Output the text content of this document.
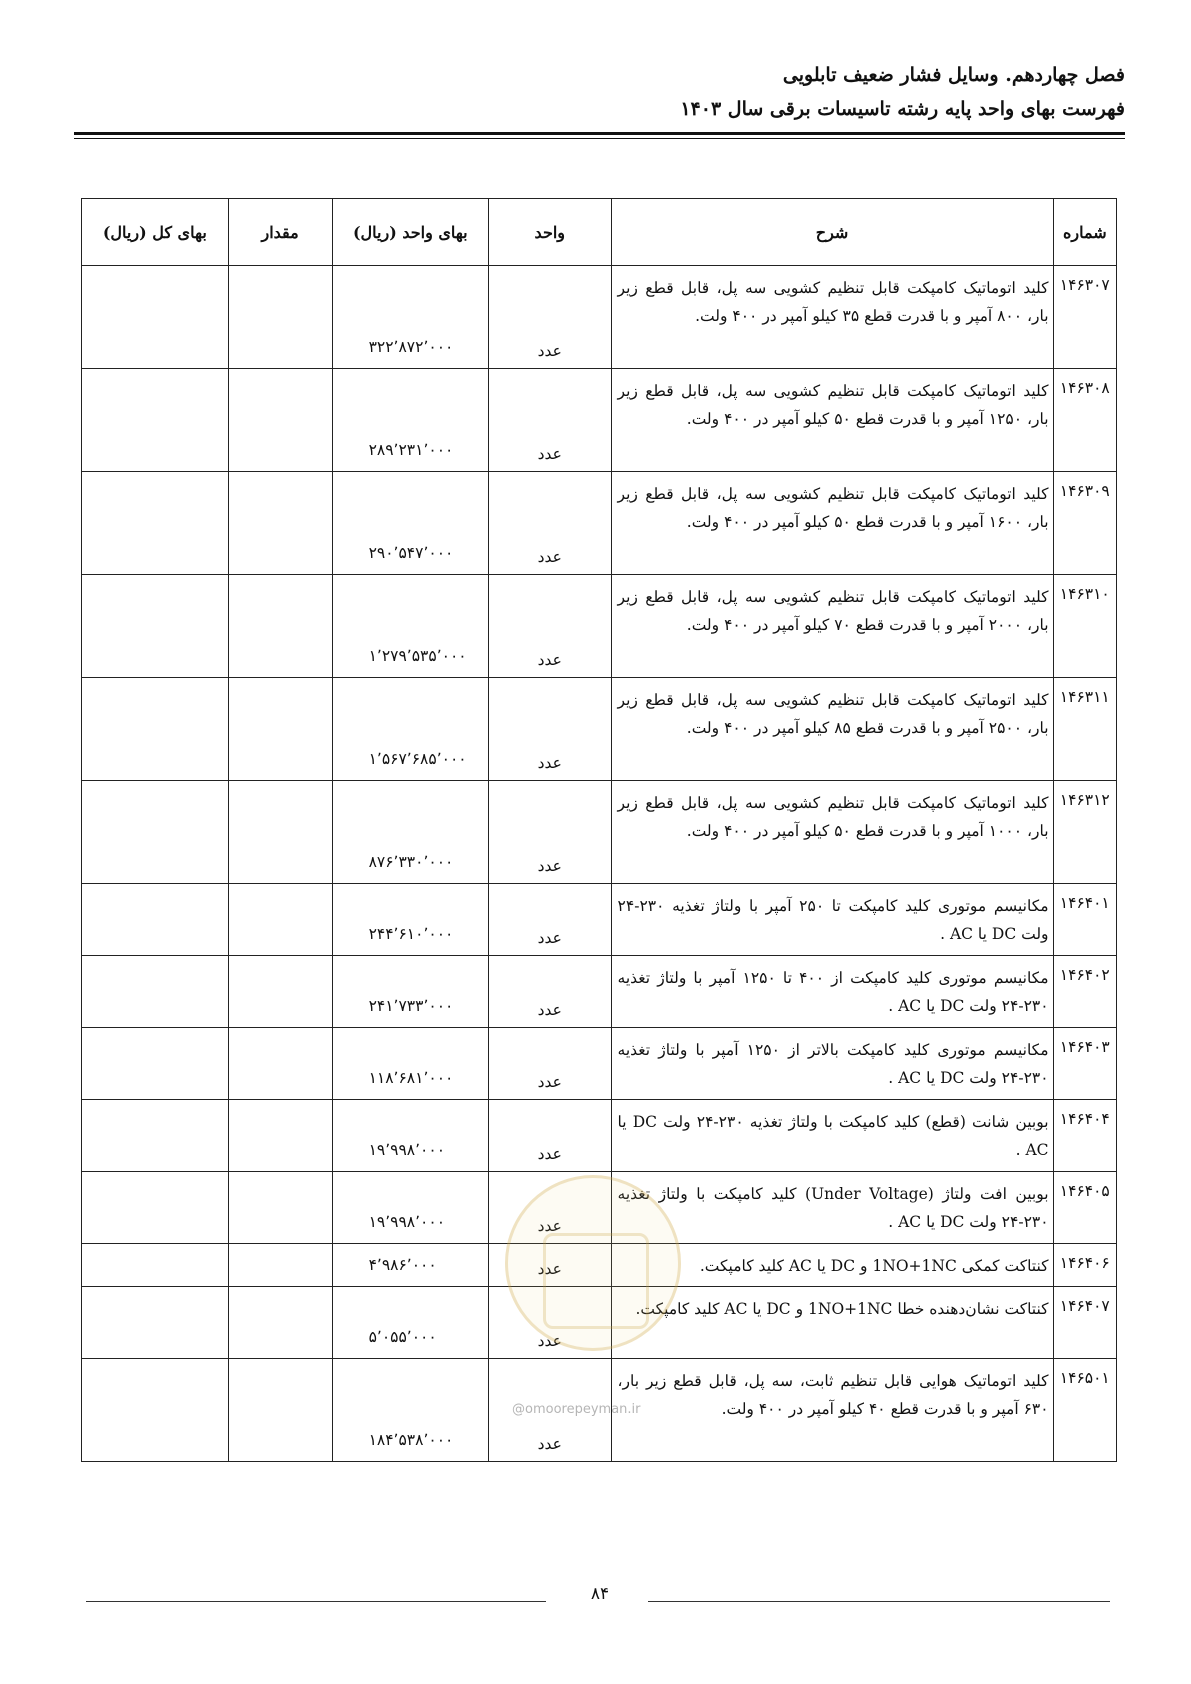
فصل چهاردهم. وسایل فشار ضعیف تابلویی
فهرست بهای واحد پایه رشته تاسیسات برقی سال ۱۴۰۳
شماره	شرح	واحد	بهای واحد (ریال)	مقدار	بهای کل (ریال)
۱۴۶۳۰۷	کلید اتوماتیک کامپکت قابل تنظیم کشویی سه پل، قابل قطع زیر بار، ۸۰۰ آمپر و با قدرت قطع ۳۵ کیلو آمپر در ۴۰۰ ولت.	عدد	۳۲۲٬۸۷۲٬۰۰۰		
۱۴۶۳۰۸	کلید اتوماتیک کامپکت قابل تنظیم کشویی سه پل، قابل قطع زیر بار، ۱۲۵۰ آمپر و با قدرت قطع ۵۰ کیلو آمپر در ۴۰۰ ولت.	عدد	۲۸۹٬۲۳۱٬۰۰۰		
۱۴۶۳۰۹	کلید اتوماتیک کامپکت قابل تنظیم کشویی سه پل، قابل قطع زیر بار، ۱۶۰۰ آمپر و با قدرت قطع ۵۰ کیلو آمپر در ۴۰۰ ولت.	عدد	۲۹۰٬۵۴۷٬۰۰۰		
۱۴۶۳۱۰	کلید اتوماتیک کامپکت قابل تنظیم کشویی سه پل، قابل قطع زیر بار، ۲۰۰۰ آمپر و با قدرت قطع ۷۰ کیلو آمپر در ۴۰۰ ولت.	عدد	۱٬۲۷۹٬۵۳۵٬۰۰۰		
۱۴۶۳۱۱	کلید اتوماتیک کامپکت قابل تنظیم کشویی سه پل، قابل قطع زیر بار، ۲۵۰۰ آمپر و با قدرت قطع ۸۵ کیلو آمپر در ۴۰۰ ولت.	عدد	۱٬۵۶۷٬۶۸۵٬۰۰۰		
۱۴۶۳۱۲	کلید اتوماتیک کامپکت قابل تنظیم کشویی سه پل، قابل قطع زیر بار، ۱۰۰۰ آمپر و با قدرت قطع ۵۰ کیلو آمپر در ۴۰۰ ولت.	عدد	۸۷۶٬۳۳۰٬۰۰۰		
۱۴۶۴۰۱	مکانیسم موتوری کلید کامپکت تا ۲۵۰ آمپر با ولتاژ تغذیه ۲۳۰-۲۴ ولت DC یا AC .	عدد	۲۴۴٬۶۱۰٬۰۰۰		
۱۴۶۴۰۲	مکانیسم موتوری کلید کامپکت از ۴۰۰ تا ۱۲۵۰ آمپر با ولتاژ تغذیه ۲۳۰-۲۴ ولت DC یا AC .	عدد	۲۴۱٬۷۳۳٬۰۰۰		
۱۴۶۴۰۳	مکانیسم موتوری کلید کامپکت بالاتر از ۱۲۵۰ آمپر با ولتاژ تغذیه ۲۳۰-۲۴ ولت DC یا AC .	عدد	۱۱۸٬۶۸۱٬۰۰۰		
۱۴۶۴۰۴	بوبین شانت (قطع) کلید کامپکت با ولتاژ تغذیه ۲۳۰-۲۴ ولت DC یا AC .	عدد	۱۹٬۹۹۸٬۰۰۰		
۱۴۶۴۰۵	بوبین افت ولتاژ (Under Voltage) کلید کامپکت با ولتاژ تغذیه ۲۳۰-۲۴ ولت DC یا AC .	عدد	۱۹٬۹۹۸٬۰۰۰		
۱۴۶۴۰۶	کنتاکت کمکی 1NO+1NC و DC یا AC کلید کامپکت.	عدد	۴٬۹۸۶٬۰۰۰		
۱۴۶۴۰۷	کنتاکت نشان‌دهنده خطا 1NO+1NC و DC یا AC کلید کامپکت.	عدد	۵٬۰۵۵٬۰۰۰		
۱۴۶۵۰۱	کلید اتوماتیک هوایی قابل تنظیم ثابت، سه پل، قابل قطع زیر بار، ۶۳۰ آمپر و با قدرت قطع ۴۰ کیلو آمپر در ۴۰۰ ولت.	عدد	۱۸۴٬۵۳۸٬۰۰۰		
@omoorepeyman.ir
۸۴
